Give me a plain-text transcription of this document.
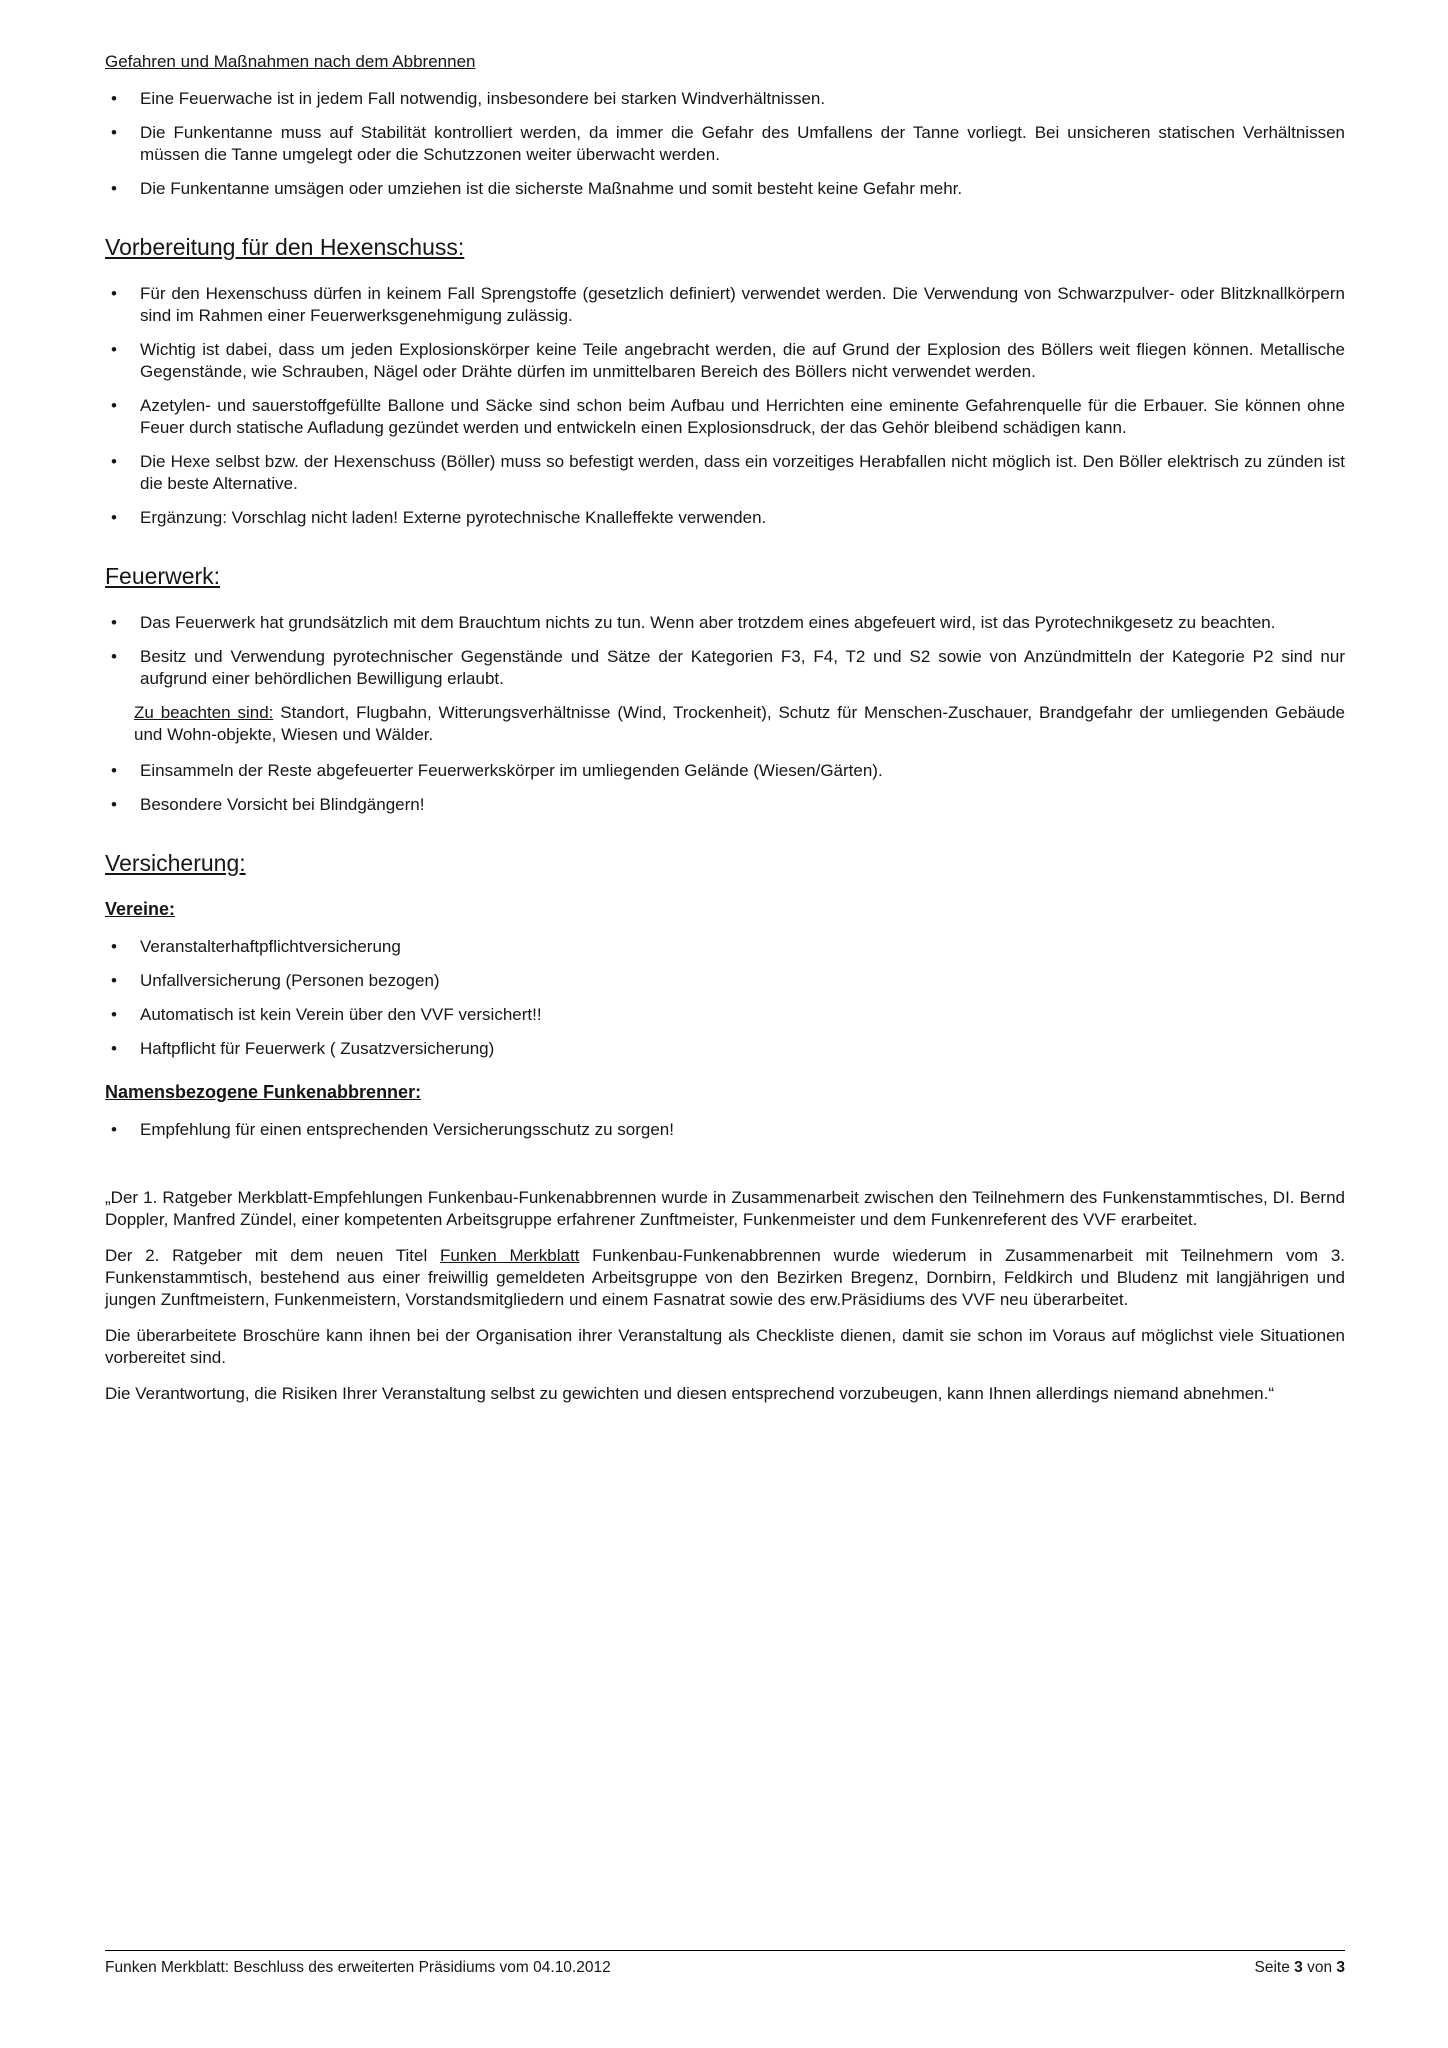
Gefahren und Maßnahmen nach dem Abbrennen
•
Eine Feuerwache ist in jedem Fall notwendig, insbesondere bei starken Windverhältnissen.
•
Die Funkentanne muss auf Stabilität kontrolliert werden, da immer die Gefahr des Umfallens der Tanne vorliegt. Bei unsicheren statischen Verhältnissen müssen die Tanne umgelegt oder die Schutzzonen weiter überwacht werden.
•
Die Funkentanne umsägen oder umziehen ist die sicherste Maßnahme und somit besteht keine Gefahr mehr.
Vorbereitung für den Hexenschuss:
•
Für den Hexenschuss dürfen in keinem Fall Sprengstoffe (gesetzlich definiert) verwendet werden. Die Verwendung von Schwarzpulver- oder Blitzknallkörpern sind im Rahmen einer Feuerwerksgenehmigung zulässig.
•
Wichtig ist dabei, dass um jeden Explosionskörper keine Teile angebracht werden, die auf Grund der Explosion des Böllers weit fliegen können. Metallische Gegenstände, wie Schrauben, Nägel oder Drähte dürfen im unmittelbaren Bereich des Böllers nicht verwendet werden.
•
Azetylen- und sauerstoffgefüllte Ballone und Säcke sind schon beim Aufbau und Herrichten eine eminente Gefahrenquelle für die Erbauer. Sie können ohne Feuer durch statische Aufladung gezündet werden und entwickeln einen Explosionsdruck, der das Gehör bleibend schädigen kann.
•
Die Hexe selbst bzw. der Hexenschuss (Böller) muss so befestigt werden, dass ein vorzeitiges Herabfallen nicht möglich ist. Den Böller elektrisch zu zünden ist die beste Alternative.
•
Ergänzung: Vorschlag nicht laden! Externe pyrotechnische Knalleffekte verwenden.
Feuerwerk:
•
Das Feuerwerk hat grundsätzlich mit dem Brauchtum nichts zu tun. Wenn aber trotzdem eines abgefeuert wird, ist das Pyrotechnikgesetz zu beachten.
•
Besitz und Verwendung pyrotechnischer Gegenstände und Sätze der Kategorien F3, F4, T2 und S2 sowie von Anzündmitteln der Kategorie P2 sind nur aufgrund einer behördlichen Bewilligung erlaubt.

Zu beachten sind: Standort, Flugbahn, Witterungsverhältnisse (Wind, Trockenheit), Schutz für Menschen-Zuschauer, Brandgefahr der umliegenden Gebäude und Wohn-objekte, Wiesen und Wälder.

•
Einsammeln der Reste abgefeuerter Feuerwerkskörper im umliegenden Gelände (Wiesen/Gärten).
•
Besondere Vorsicht bei Blindgängern!
Versicherung:
Vereine:
•
Veranstalterhaftpflichtversicherung
•
Unfallversicherung (Personen bezogen)
•
Automatisch ist kein Verein über den VVF versichert!!
•
Haftpflicht für Feuerwerk ( Zusatzversicherung)
Namensbezogene Funkenabbrenner:
•
Empfehlung für einen entsprechenden Versicherungsschutz zu sorgen!

„Der 1. Ratgeber Merkblatt-Empfehlungen Funkenbau-Funkenabbrennen wurde in Zusammenarbeit zwischen den Teilnehmern des Funkenstammtisches, DI. Bernd Doppler, Manfred Zündel, einer kompetenten Arbeitsgruppe erfahrener Zunftmeister, Funkenmeister und dem Funkenreferent des VVF erarbeitet.

Der 2. Ratgeber mit dem neuen Titel Funken Merkblatt Funkenbau-Funkenabbrennen wurde wiederum in Zusammenarbeit mit Teilnehmern vom 3. Funkenstammtisch, bestehend aus einer freiwillig gemeldeten Arbeitsgruppe von den Bezirken Bregenz, Dornbirn, Feldkirch und Bludenz mit langjährigen und jungen Zunftmeistern, Funkenmeistern, Vorstandsmitgliedern und einem Fasnatrat sowie des erw.Präsidiums des VVF neu überarbeitet.

Die überarbeitete Broschüre kann ihnen bei der Organisation ihrer Veranstaltung als Checkliste dienen, damit sie schon im Voraus auf möglichst viele Situationen vorbereitet sind.

Die Verantwortung, die Risiken Ihrer Veranstaltung selbst zu gewichten und diesen entsprechend vorzubeugen, kann Ihnen allerdings niemand abnehmen.“

Funken Merkblatt: Beschluss des erweiterten Präsidiums vom 04.10.2012	Seite 3 von 3
